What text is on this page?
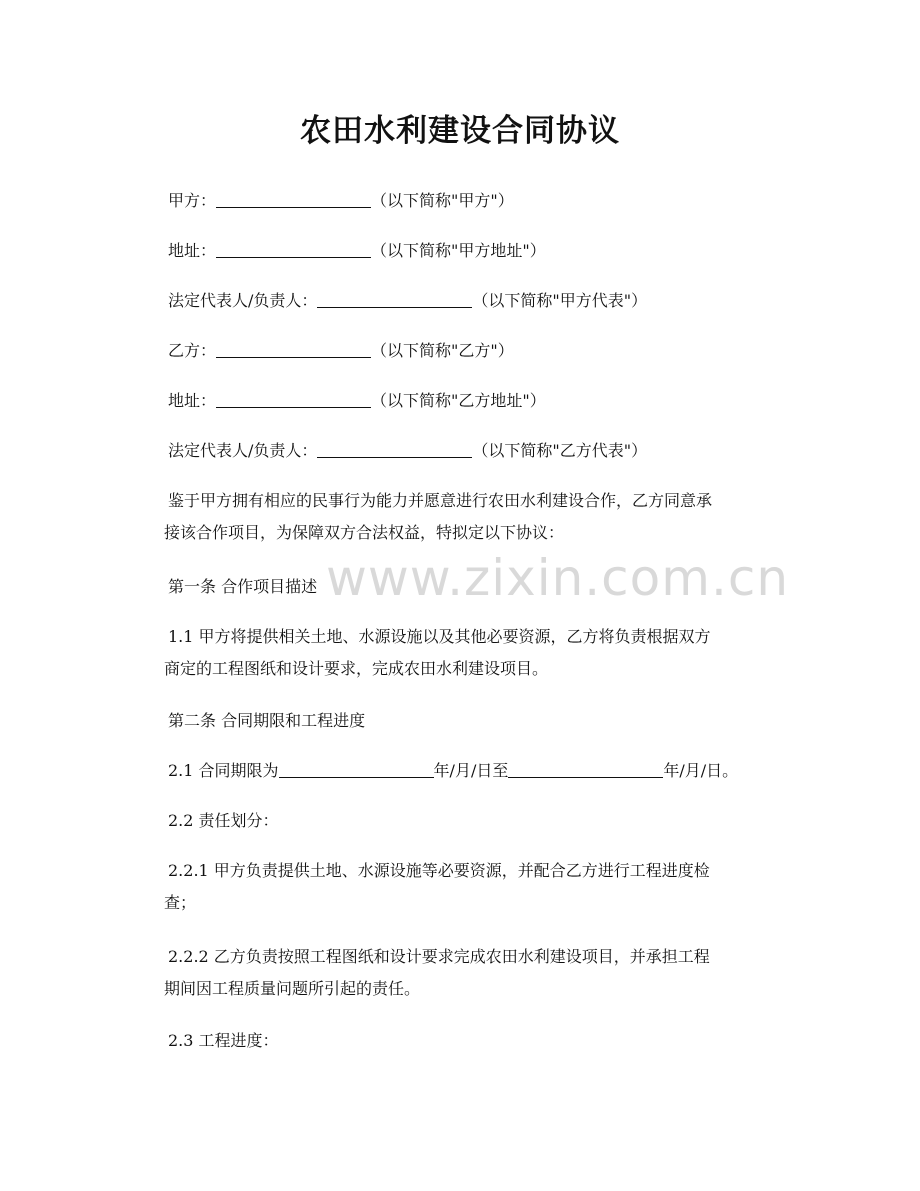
www.zixin.com.cn
农田水利建设合同协议
甲方：	（以下简称"甲方"）
地址：	（以下简称"甲方地址"）
法定代表人/负责人：	（以下简称"甲方代表"）
乙方：	（以下简称"乙方"）
地址：	（以下简称"乙方地址"）
法定代表人/负责人：	（以下简称"乙方代表"）
鉴于甲方拥有相应的民事行为能力并愿意进行农田水利建设合作，乙方同意承
接该合作项目，为保障双方合法权益，特拟定以下协议：
第一条 合作项目描述
1.1 甲方将提供相关土地、水源设施以及其他必要资源，乙方将负责根据双方
商定的工程图纸和设计要求，完成农田水利建设项目。
第二条 合同期限和工程进度
2.1 合同期限为	年/月/日至	年/月/日。
2.2 责任划分：
2.2.1 甲方负责提供土地、水源设施等必要资源，并配合乙方进行工程进度检
查；
2.2.2 乙方负责按照工程图纸和设计要求完成农田水利建设项目，并承担工程
期间因工程质量问题所引起的责任。
2.3 工程进度：
